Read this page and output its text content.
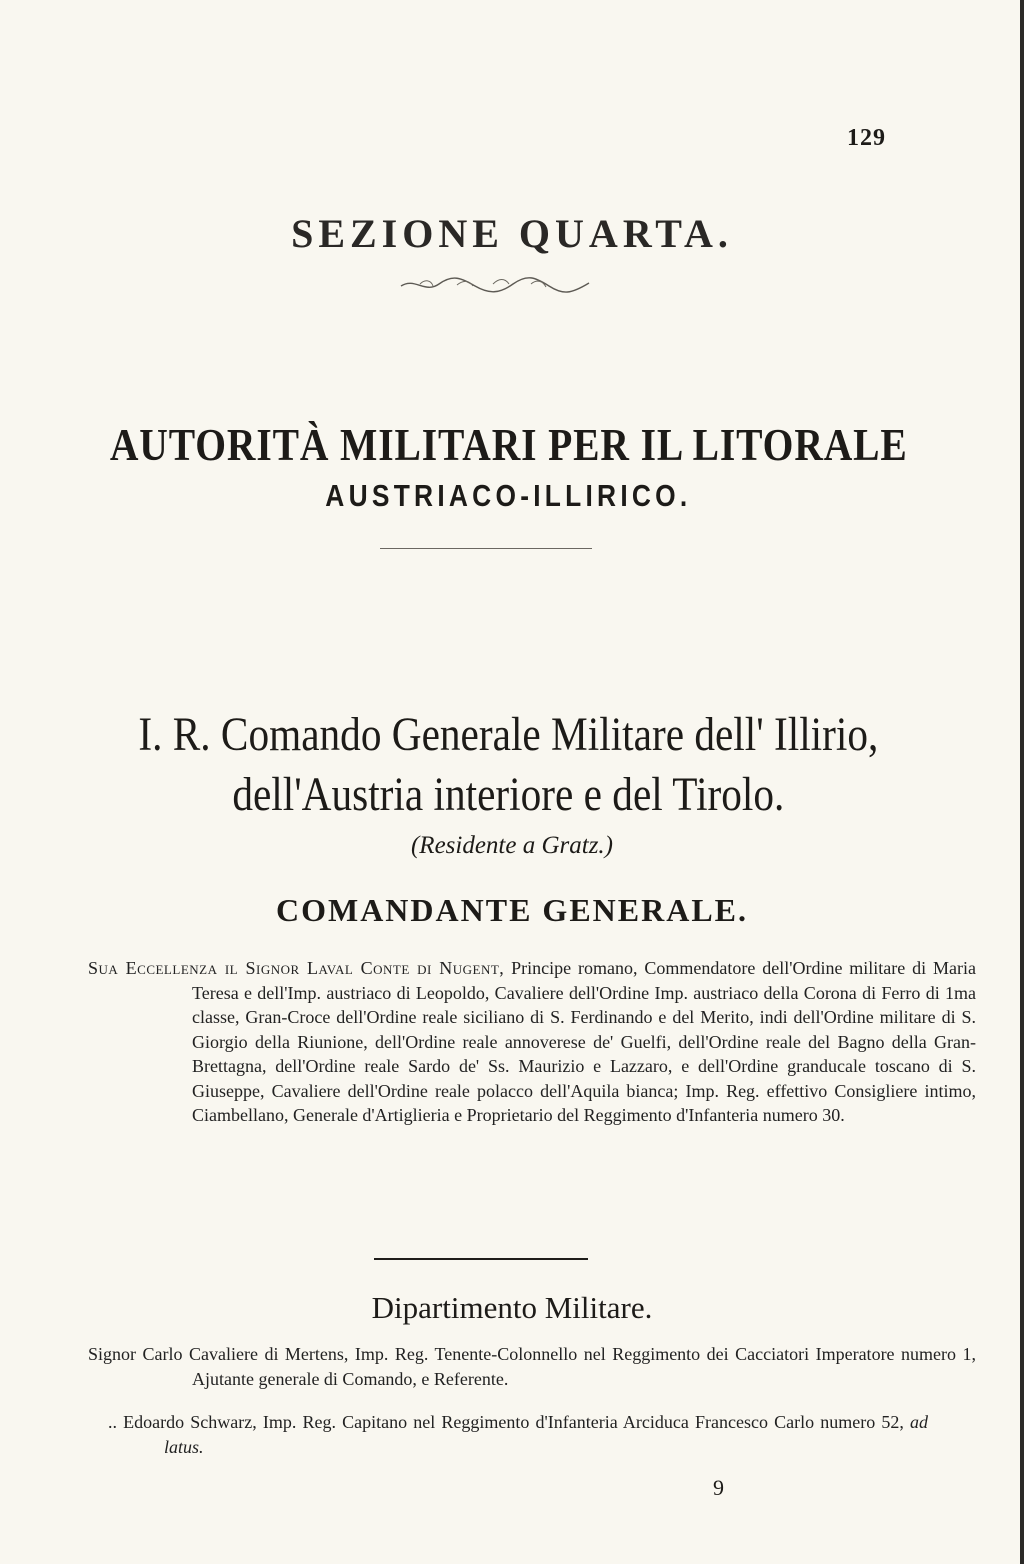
129
SEZIONE QUARTA.
AUTORITÀ MILITARI PER IL LITORALE
AUSTRIACO-ILLIRICO.
I. R. Comando Generale Militare dell' Illirio,
dell'Austria interiore e del Tirolo.
(Residente a Gratz.)
COMANDANTE GENERALE.
Sua Eccellenza il Signor Laval Conte di Nugent, Principe romano, Commendatore dell'Ordine militare di Maria Teresa e dell'Imp. austriaco di Leopoldo, Cavaliere dell'Ordine Imp. austriaco della Corona di Ferro di 1ma classe, Gran-Croce dell'Ordine reale siciliano di S. Ferdinando e del Merito, indi dell'Ordine militare di S. Giorgio della Riunione, dell'Ordine reale annoverese de' Guelfi, dell'Ordine reale del Bagno della Gran-Brettagna, dell'Ordine reale Sardo de' Ss. Maurizio e Lazzaro, e dell'Ordine granducale toscano di S. Giuseppe, Cavaliere dell'Ordine reale polacco dell'Aquila bianca; Imp. Reg. effettivo Consigliere intimo, Ciambellano, Generale d'Artiglieria e Proprietario del Reggimento d'Infanteria numero 30.
Dipartimento Militare.
Signor Carlo Cavaliere di Mertens, Imp. Reg. Tenente-Colonnello nel Reggimento dei Cacciatori Imperatore numero 1, Ajutante generale di Comando, e Referente.
.. Edoardo Schwarz, Imp. Reg. Capitano nel Reggimento d'Infanteria Arciduca Francesco Carlo numero 52, ad latus.
9
